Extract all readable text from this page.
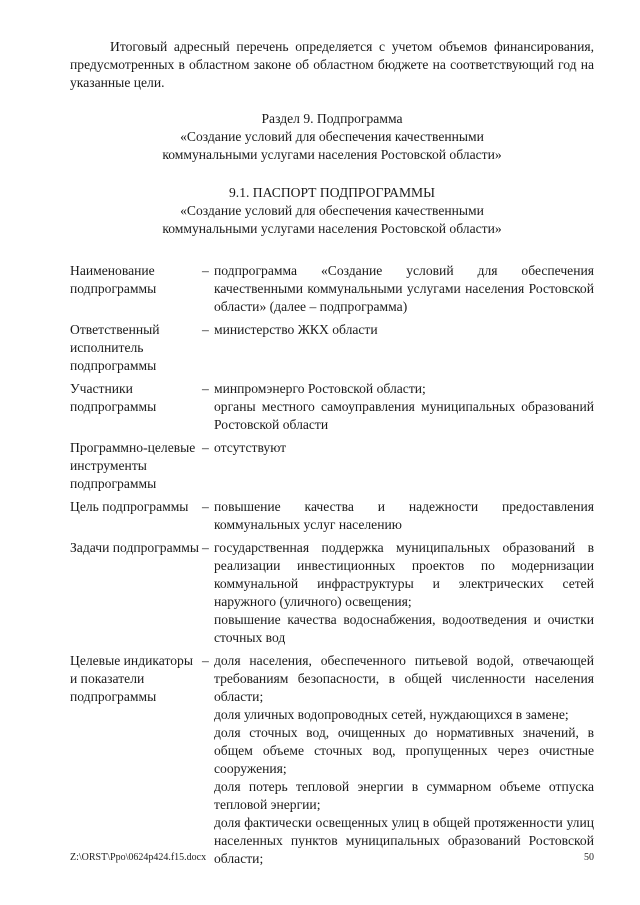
Итоговый адресный перечень определяется с учетом объемов финансирования, предусмотренных в областном законе об областном бюджете на соответствующий год на указанные цели.

Раздел 9. Подпрограмма

«Создание условий для обеспечения качественными

коммунальными услугами населения Ростовской области»

9.1. ПАСПОРТ ПОДПРОГРАММЫ

«Создание условий для обеспечения качественными

коммунальными услугами населения Ростовской области»

Наименование подпрограммы	–	подпрограмма «Создание условий для обеспечения качественными коммунальными услугами населения Ростовской области» (далее – подпрограмма)

Ответственный исполнитель подпрограммы	–	министерство ЖКХ области

Участники подпрограммы	–	минпромэнерго Ростовской области;
органы местного самоуправления муниципальных образований Ростовской области

Программно-целевые инструменты подпрограммы	–	отсутствуют

Цель подпрограммы	–	повышение качества и надежности предоставления коммунальных услуг населению

Задачи подпрограммы	–	государственная поддержка муниципальных образований в реализации инвестиционных проектов по модернизации коммунальной инфраструктуры и электрических сетей наружного (уличного) освещения;
повышение качества водоснабжения, водоотведения и очистки сточных вод

Целевые индикаторы и показатели подпрограммы	–	доля населения, обеспеченного питьевой водой, отвечающей требованиям безопасности, в общей численности населения области;
доля уличных водопроводных сетей, нуждающихся в замене;
доля сточных вод, очищенных до нормативных значений, в общем объеме сточных вод, пропущенных через очистные сооружения;
доля потерь тепловой энергии в суммарном объеме отпуска тепловой энергии;
доля фактически освещенных улиц в общей протяженности улиц населенных пунктов муниципальных образований Ростовской области;
Z:\ORST\Ppo\0624p424.f15.docx	50
